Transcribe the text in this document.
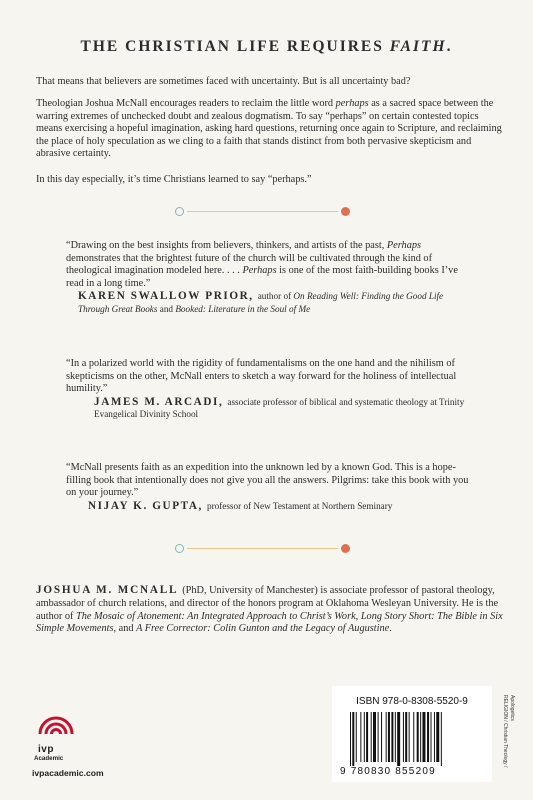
THE CHRISTIAN LIFE REQUIRES FAITH.

That means that believers are sometimes faced with uncertainty. But is all uncertainty bad?

Theologian Joshua McNall encourages readers to reclaim the little word perhaps as a sacred space between the warring extremes of unchecked doubt and zealous dogmatism. To say “perhaps” on certain contested topics means exercising a hopeful imagination, asking hard questions, returning once again to Scripture, and reclaiming the place of holy speculation as we cling to a faith that stands distinct from both pervasive skepticism and abrasive certainty.

In this day especially, it’s time Christians learned to say “perhaps.”

“Drawing on the best insights from believers, thinkers, and artists of the past, Perhaps demonstrates that the brightest future of the church will be cultivated through the kind of theological imagination modeled here. . . . Perhaps is one of the most faith-building books I’ve read in a long time.”

KAREN SWALLOW PRIOR, author of On Reading Well: Finding the Good Life Through Great Books and Booked: Literature in the Soul of Me

“In a polarized world with the rigidity of fundamentalisms on the one hand and the nihilism of skepticisms on the other, McNall enters to sketch a way forward for the holiness of intellectual humility.”

JAMES M. ARCADI, associate professor of biblical and systematic theology at Trinity Evangelical Divinity School

“McNall presents faith as an expedition into the unknown led by a known God. This is a hope-filling book that intentionally does not give you all the answers. Pilgrims: take this book with you on your journey.”

NIJAY K. GUPTA, professor of New Testament at Northern Seminary

JOSHUA M. MCNALL (PhD, University of Manchester) is associate professor of pastoral theology, ambassador of church relations, and director of the honors program at Oklahoma Wesleyan University. He is the author of The Mosaic of Atonement: An Integrated Approach to Christ’s Work, Long Story Short: The Bible in Six Simple Movements, and A Free Corrector: Colin Gunton and the Legacy of Augustine.

ivp
Academic
ivpacademic.com
ISBN 978-0-8308-5520-9
9 780830 855209
RELIGION / Christian Theology / Apologetics
